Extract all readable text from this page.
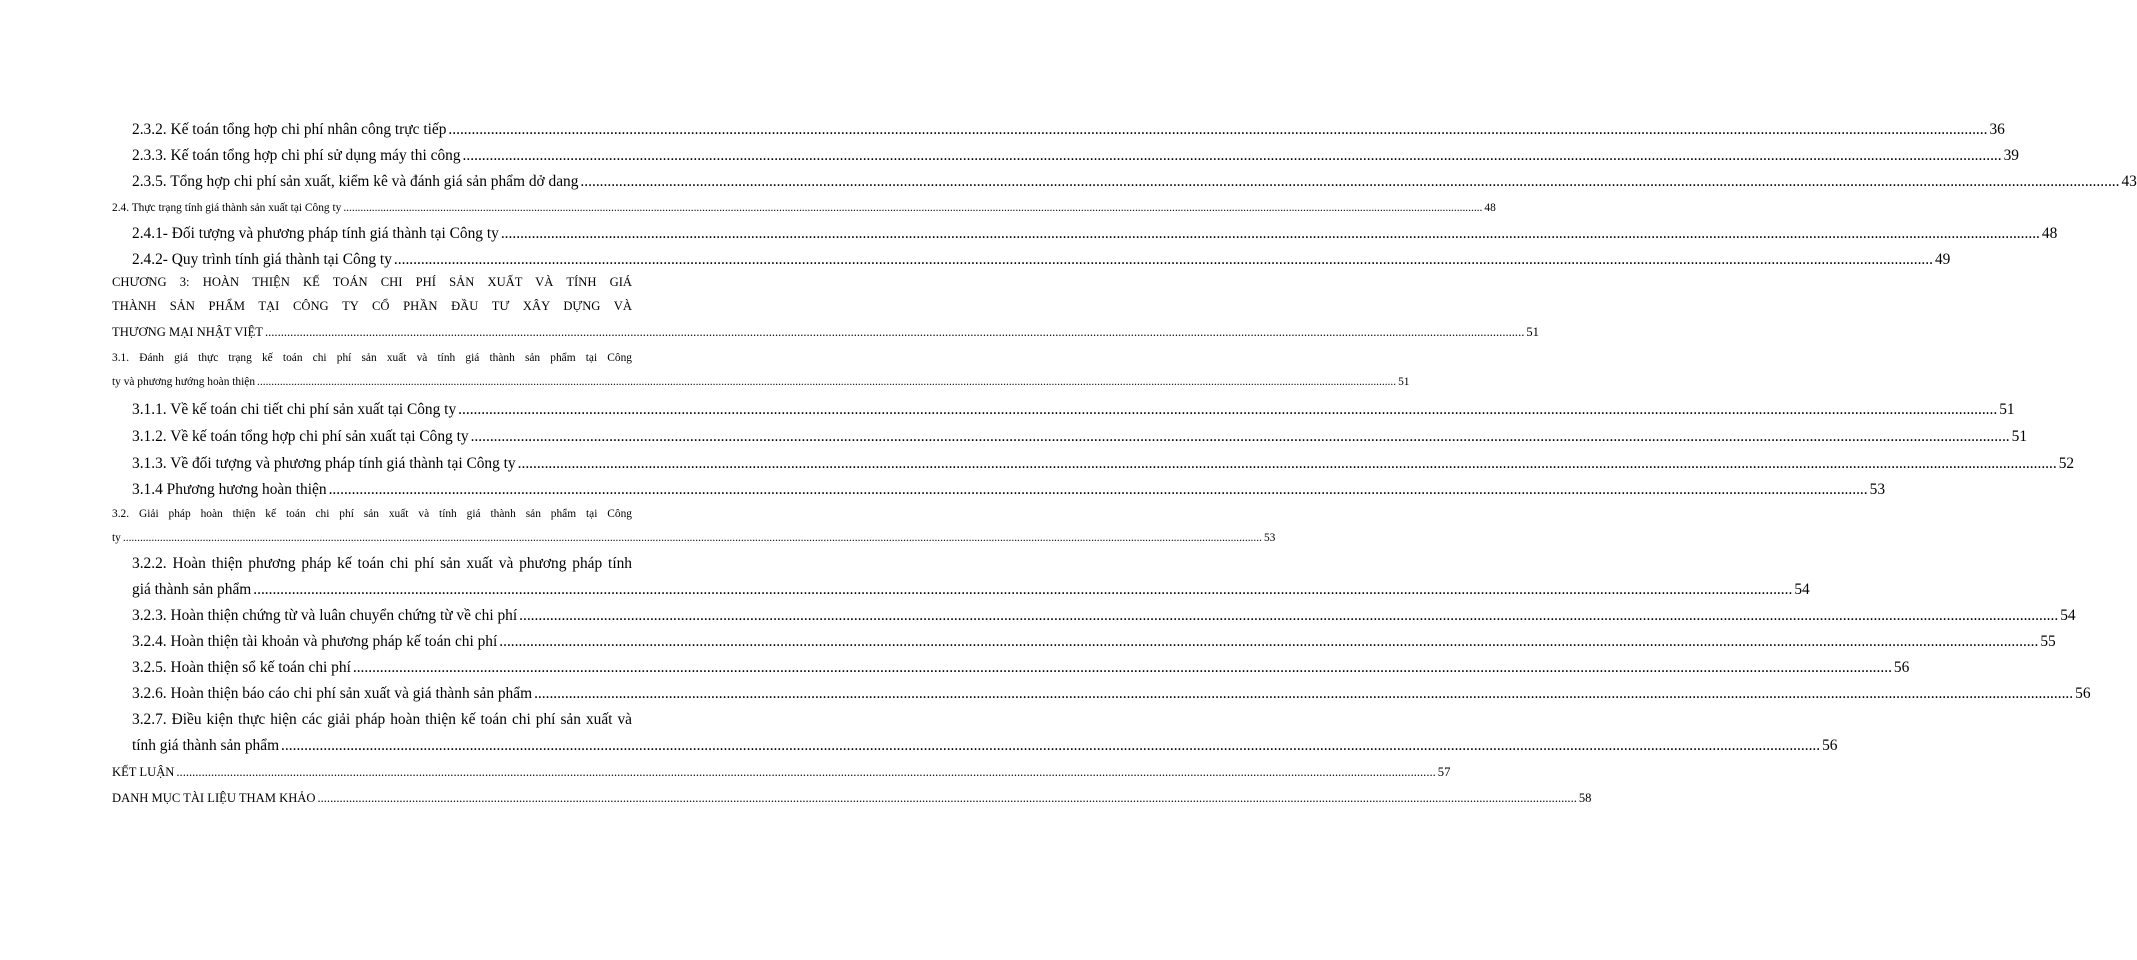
2.3.2. Kế toán tổng hợp chi phí nhân công trực tiếp ................................................................................................................................................................................................................................................................................................................................................................................................................ 36
2.3.3. Kế toán tổng hợp chi phí sử dụng máy thi công ................................................................................................................................................................................................................................................................................................................................................................................................................ 39
2.3.5. Tổng hợp chi phí sản xuất, kiểm kê và đánh giá sản phẩm dở dang ................................................................................................................................................................................................................................................................................................................................................................................................................ 43
2.4. Thực trạng tính giá thành sản xuất tại Công ty ................................................................................................................................................................................................................................................................................................................................................................................................................ 48
2.4.1- Đối tượng và phương pháp tính giá thành tại Công ty ................................................................................................................................................................................................................................................................................................................................................................................................................ 48
2.4.2- Quy trình tính giá thành tại Công ty ................................................................................................................................................................................................................................................................................................................................................................................................................ 49
CHƯƠNG 3: HOÀN THIỆN KẾ TOÁN CHI PHÍ SẢN XUẤT VÀ TÍNH GIÁ
THÀNH SẢN PHẨM TẠI CÔNG TY CỔ PHẦN ĐẦU TƯ XÂY DỰNG VÀ
THƯƠNG MẠI NHẬT VIỆT ................................................................................................................................................................................................................................................................................................................................................................................................................ 51
3.1. Đánh giá thực trạng kế toán chi phí sản xuất và tính giá thành sản phẩm tại Công
ty và phương hướng hoàn thiện ................................................................................................................................................................................................................................................................................................................................................................................................................ 51
3.1.1. Về kế toán chi tiết chi phí sản xuất tại Công ty ................................................................................................................................................................................................................................................................................................................................................................................................................ 51
3.1.2. Về kế toán tổng hợp chi phí sản xuất tại Công ty ................................................................................................................................................................................................................................................................................................................................................................................................................ 51
3.1.3. Về đối tượng và phương pháp tính giá thành tại Công ty ................................................................................................................................................................................................................................................................................................................................................................................................................ 52
3.1.4 Phương hương hoàn thiện ................................................................................................................................................................................................................................................................................................................................................................................................................ 53
3.2. Giải pháp hoàn thiện kế toán chi phí sản xuất và tính giá thành sản phẩm tại Công
ty ................................................................................................................................................................................................................................................................................................................................................................................................................ 53
3.2.2. Hoàn thiện phương pháp kế toán chi phí sản xuất và phương pháp tính
giá thành sản phẩm ................................................................................................................................................................................................................................................................................................................................................................................................................ 54
3.2.3. Hoàn thiện chứng từ và luân chuyển chứng từ về chi phí ................................................................................................................................................................................................................................................................................................................................................................................................................ 54
3.2.4. Hoàn thiện tài khoản và phương pháp kế toán chi phí ................................................................................................................................................................................................................................................................................................................................................................................................................ 55
3.2.5. Hoàn thiện sổ kế toán chi phí ................................................................................................................................................................................................................................................................................................................................................................................................................ 56
3.2.6. Hoàn thiện báo cáo chi phí sản xuất và giá thành sản phẩm ................................................................................................................................................................................................................................................................................................................................................................................................................ 56
3.2.7. Điều kiện thực hiện các giải pháp hoàn thiện kế toán chi phí sản xuất và
tính giá thành sản phẩm ................................................................................................................................................................................................................................................................................................................................................................................................................ 56
KẾT LUẬN ................................................................................................................................................................................................................................................................................................................................................................................................................ 57
DANH MỤC TÀI LIỆU THAM KHẢO ................................................................................................................................................................................................................................................................................................................................................................................................................ 58
